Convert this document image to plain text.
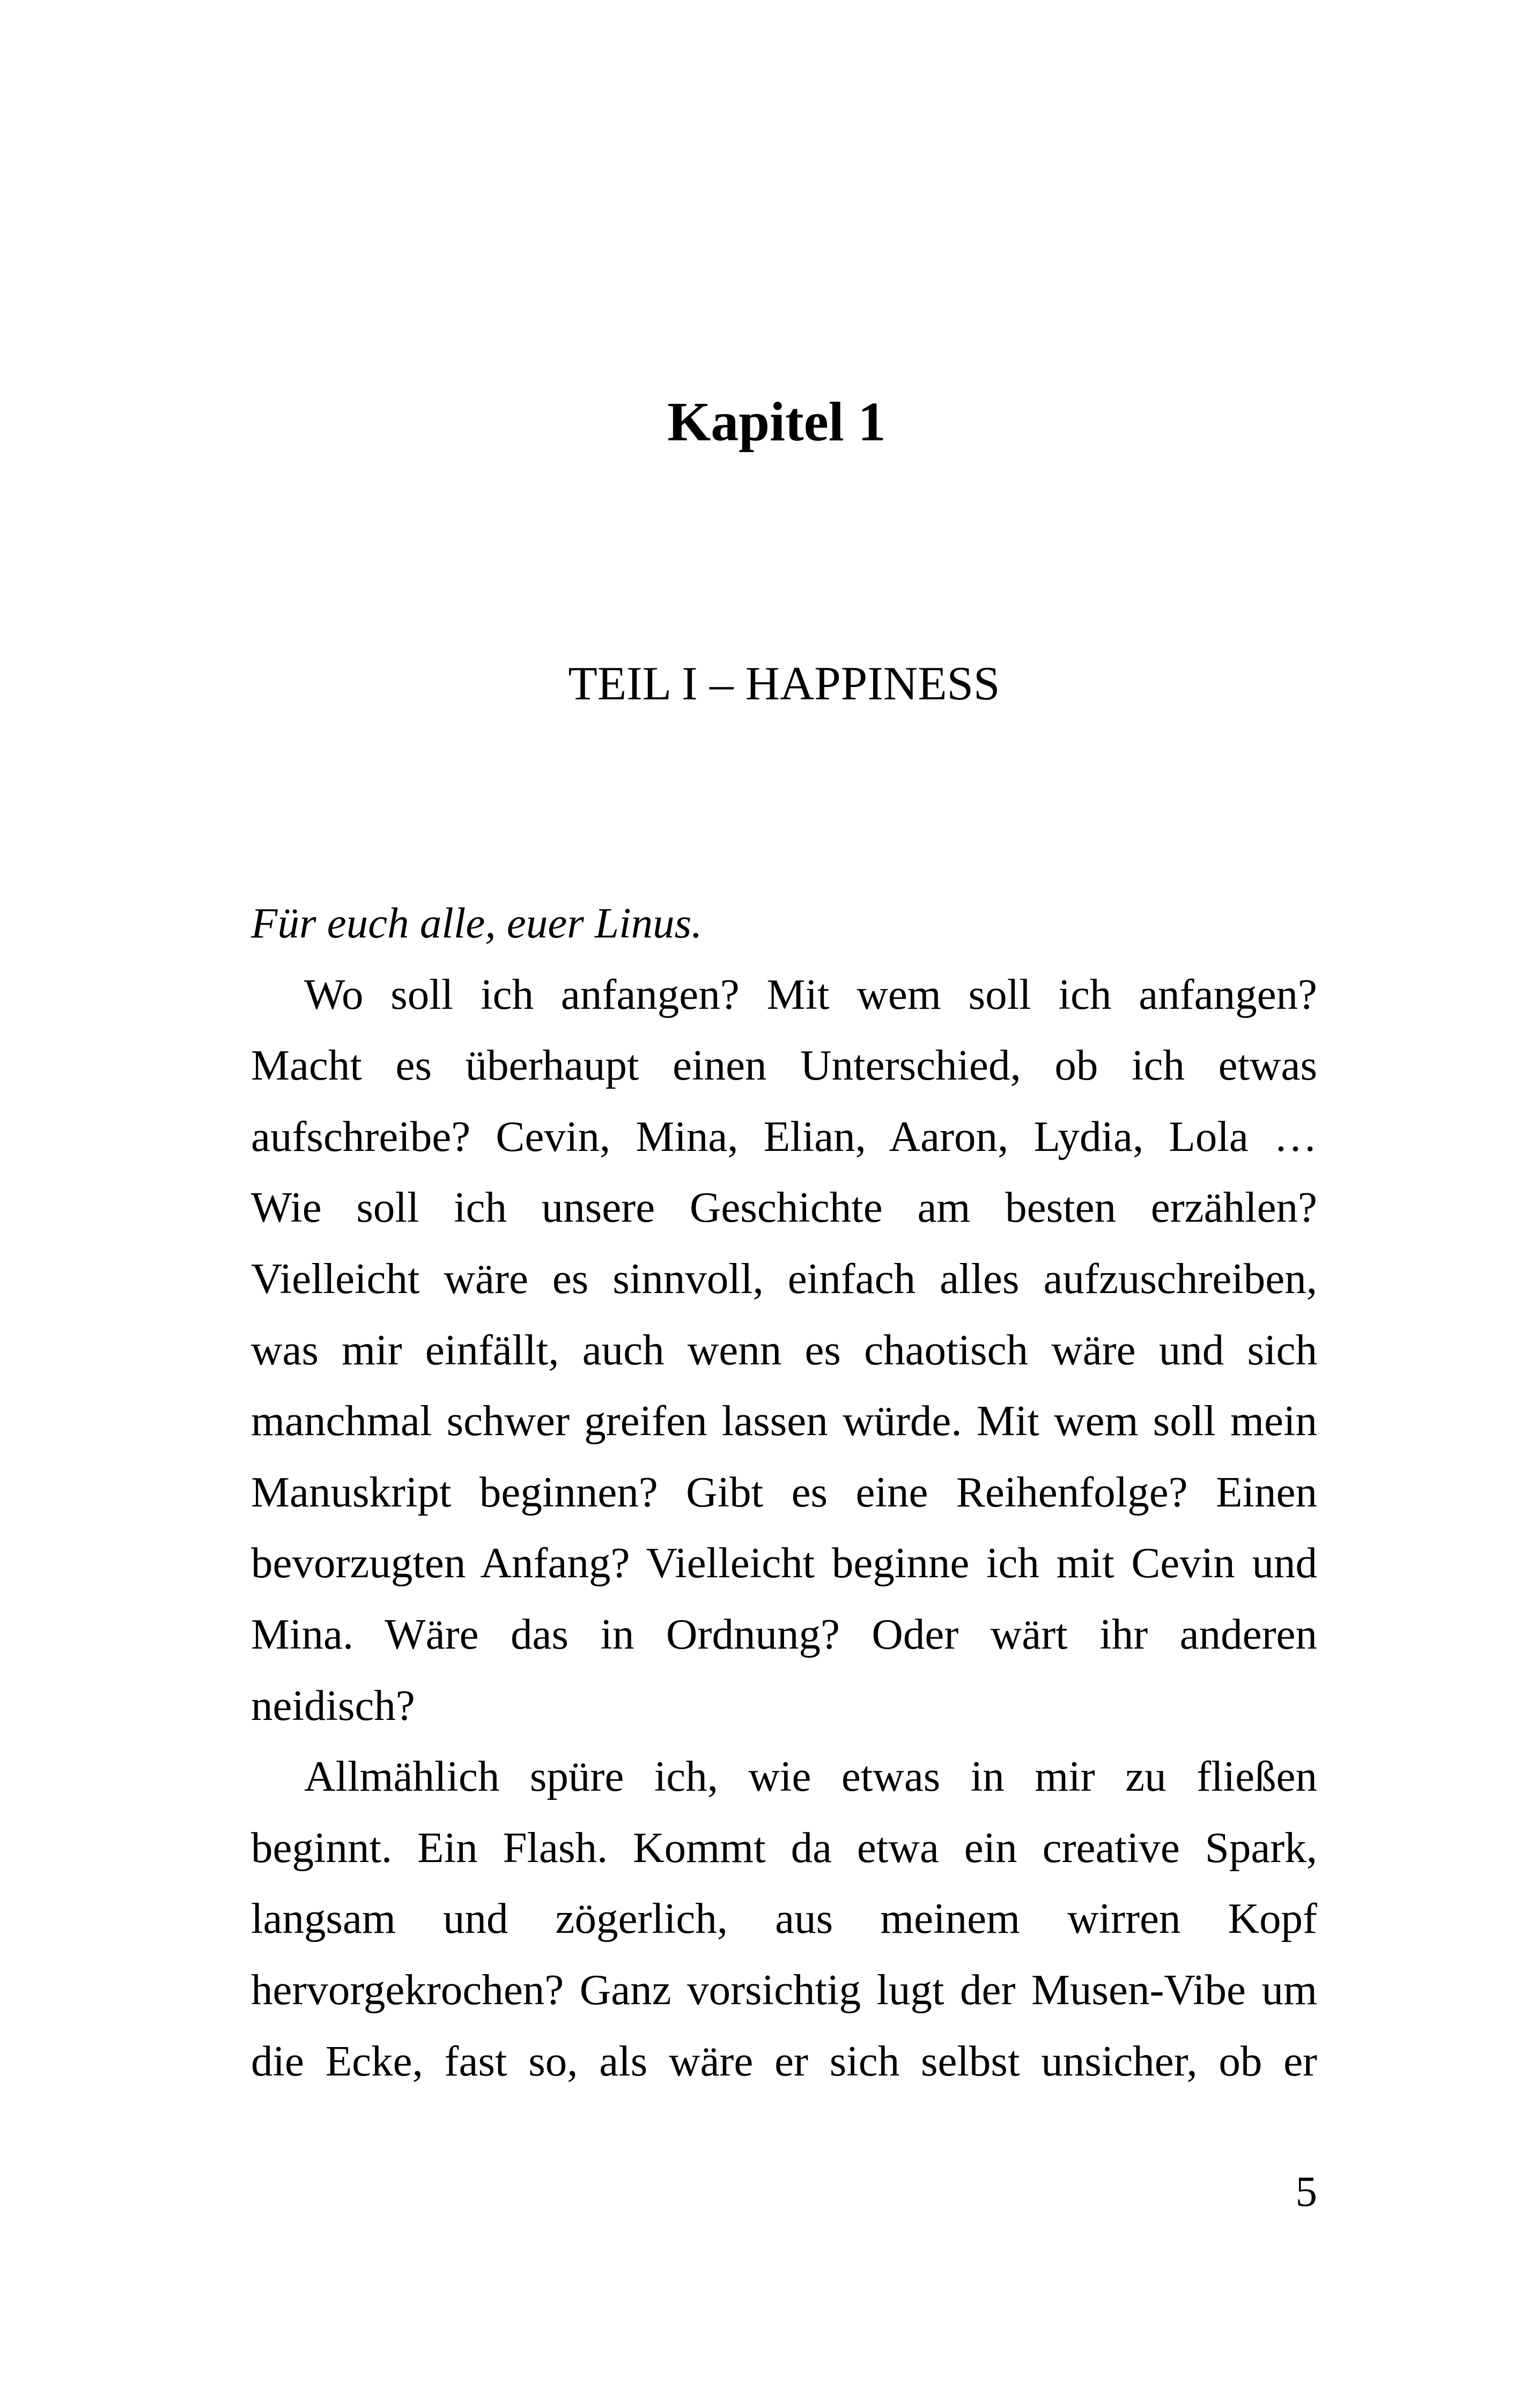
Kapitel 1
TEIL I – HAPPINESS
Für euch alle, euer Linus.
Wo soll ich anfangen? Mit wem soll ich anfangen?
Macht es überhaupt einen Unterschied, ob ich etwas
aufschreibe? Cevin, Mina, Elian, Aaron, Lydia, Lola …
Wie soll ich unsere Geschichte am besten erzählen?
Vielleicht wäre es sinnvoll, einfach alles aufzuschreiben,
was mir einfällt, auch wenn es chaotisch wäre und sich
manchmal schwer greifen lassen würde. Mit wem soll mein
Manuskript beginnen? Gibt es eine Reihenfolge? Einen
bevorzugten Anfang? Vielleicht beginne ich mit Cevin und
Mina. Wäre das in Ordnung? Oder wärt ihr anderen
neidisch?
Allmählich spüre ich, wie etwas in mir zu fließen
beginnt. Ein Flash. Kommt da etwa ein creative Spark,
langsam und zögerlich, aus meinem wirren Kopf
hervorgekrochen? Ganz vorsichtig lugt der Musen-Vibe um
die Ecke, fast so, als wäre er sich selbst unsicher, ob er
5
